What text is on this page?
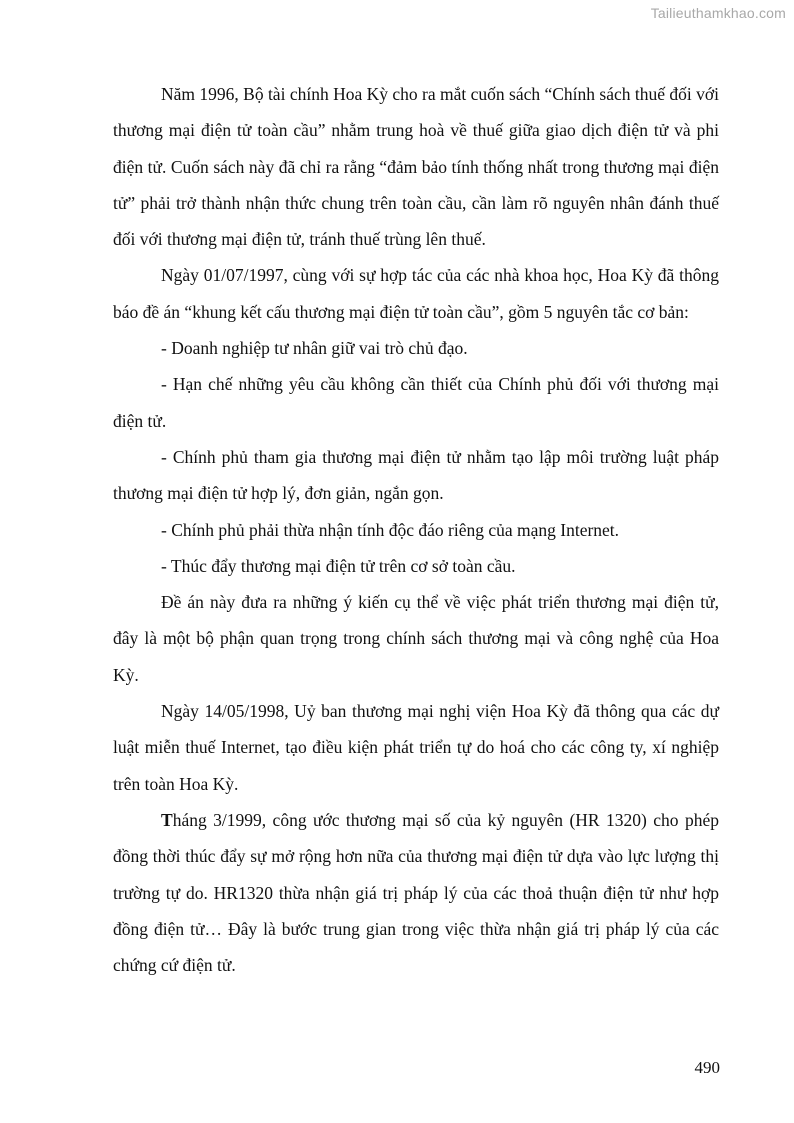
Tailieuthamkhao.com

Năm 1996, Bộ tài chính Hoa Kỳ cho ra mắt cuốn sách “Chính sách thuế đối với thương mại điện tử toàn cầu” nhằm trung hoà về thuế giữa giao dịch điện tử và phi điện tử. Cuốn sách này đã chỉ ra rằng “đảm bảo tính thống nhất trong thương mại điện tử” phải trở thành nhận thức chung trên toàn cầu, cần làm rõ nguyên nhân đánh thuế đối với thương mại điện tử, tránh thuế trùng lên thuế.

Ngày 01/07/1997, cùng với sự hợp tác của các nhà khoa học, Hoa Kỳ đã thông báo đề án “khung kết cấu thương mại điện tử toàn cầu”, gồm 5 nguyên tắc cơ bản:

- Doanh nghiệp tư nhân giữ vai trò chủ đạo.

- Hạn chế những yêu cầu không cần thiết của Chính phủ đối với thương mại điện tử.

- Chính phủ tham gia thương mại điện tử nhằm tạo lập môi trường luật pháp thương mại điện tử hợp lý, đơn giản, ngắn gọn.

- Chính phủ phải thừa nhận tính độc đáo riêng của mạng Internet.

- Thúc đẩy thương mại điện tử trên cơ sở toàn cầu.

Đề án này đưa ra những ý kiến cụ thể về việc phát triển thương mại điện tử, đây là một bộ phận quan trọng trong chính sách thương mại và công nghệ của Hoa Kỳ.

Ngày 14/05/1998, Uỷ ban thương mại nghị viện Hoa Kỳ đã thông qua các dự luật miễn thuế Internet, tạo điều kiện phát triển tự do hoá cho các công ty, xí nghiệp trên toàn Hoa Kỳ.

Tháng 3/1999, công ước thương mại số của kỷ nguyên (HR 1320) cho phép đồng thời thúc đẩy sự mở rộng hơn nữa của thương mại điện tử dựa vào lực lượng thị trường tự do. HR1320 thừa nhận giá trị pháp lý của các thoả thuận điện tử như hợp đồng điện tử… Đây là bước trung gian trong việc thừa nhận giá trị pháp lý của các chứng cứ điện tử.

490
